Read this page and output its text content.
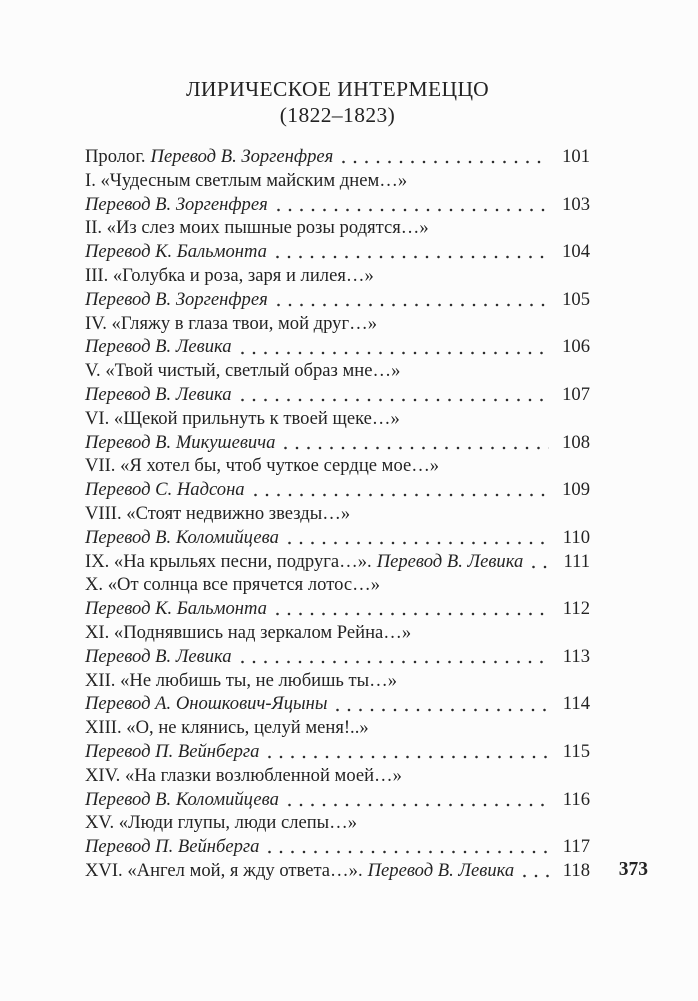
ЛИРИЧЕСКОЕ ИНТЕРМЕЦЦО
(1822–1823)
Пролог. Перевод В. Зоргенфрея	101
I. «Чудесным светлым майским днем…»
Перевод В. Зоргенфрея	103
II. «Из слез моих пышные розы родятся…»
Перевод К. Бальмонта	104
III. «Голубка и роза, заря и лилея…»
Перевод В. Зоргенфрея	105
IV. «Гляжу в глаза твои, мой друг…»
Перевод В. Левика	106
V. «Твой чистый, светлый образ мне…»
Перевод В. Левика	107
VI. «Щекой прильнуть к твоей щеке…»
Перевод В. Микушевича	108
VII. «Я хотел бы, чтоб чуткое сердце мое…»
Перевод С. Надсона	109
VIII. «Стоят недвижно звезды…»
Перевод В. Коломийцева	110
IX. «На крыльях песни, подруга…». Перевод В. Левика	111
X. «От солнца все прячется лотос…»
Перевод К. Бальмонта	112
XI. «Поднявшись над зеркалом Рейна…»
Перевод В. Левика	113
XII. «Не любишь ты, не любишь ты…»
Перевод А. Оношкович-Яцыны	114
XIII. «О, не клянись, целуй меня!..»
Перевод П. Вейнберга	115
XIV. «На глазки возлюбленной моей…»
Перевод В. Коломийцева	116
XV. «Люди глупы, люди слепы…»
Перевод П. Вейнберга	117
XVI. «Ангел мой, я жду ответа…». Перевод В. Левика	118 373
